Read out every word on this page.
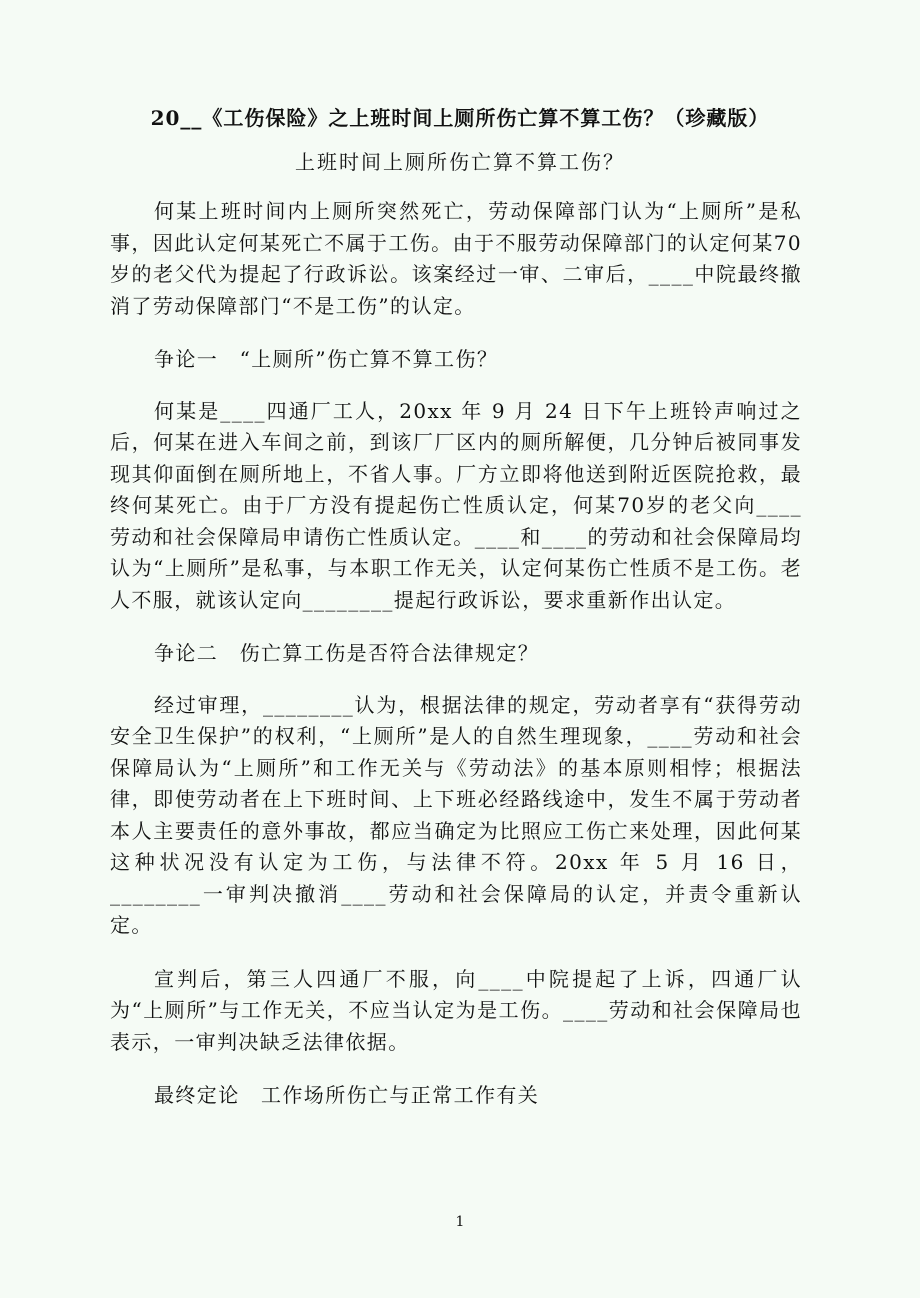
20__《工伤保险》之上班时间上厕所伤亡算不算工伤？（珍藏版）
上班时间上厕所伤亡算不算工伤？

何某上班时间内上厕所突然死亡，劳动保障部门认为“上厕所”是私事，因此认定何某死亡不属于工伤。由于不服劳动保障部门的认定何某70岁的老父代为提起了行政诉讼。该案经过一审、二审后，____中院最终撤消了劳动保障部门“不是工伤”的认定。

争论一　“上厕所”伤亡算不算工伤？

何某是____四通厂工人，20xx 年 9 月 24 日下午上班铃声响过之后，何某在进入车间之前，到该厂厂区内的厕所解便，几分钟后被同事发现其仰面倒在厕所地上，不省人事。厂方立即将他送到附近医院抢救，最终何某死亡。由于厂方没有提起伤亡性质认定，何某70岁的老父向____劳动和社会保障局申请伤亡性质认定。____和____的劳动和社会保障局均认为“上厕所”是私事，与本职工作无关，认定何某伤亡性质不是工伤。老人不服，就该认定向________提起行政诉讼，要求重新作出认定。

争论二　伤亡算工伤是否符合法律规定？

经过审理，________认为，根据法律的规定，劳动者享有“获得劳动安全卫生保护”的权利，“上厕所”是人的自然生理现象，____劳动和社会保障局认为“上厕所”和工作无关与《劳动法》的基本原则相悖；根据法律，即使劳动者在上下班时间、上下班必经路线途中，发生不属于劳动者本人主要责任的意外事故，都应当确定为比照应工伤亡来处理，因此何某这种状况没有认定为工伤，与法律不符。20xx 年 5 月 16 日，________一审判决撤消____劳动和社会保障局的认定，并责令重新认定。

宣判后，第三人四通厂不服，向____中院提起了上诉，四通厂认为“上厕所”与工作无关，不应当认定为是工伤。____劳动和社会保障局也表示，一审判决缺乏法律依据。

最终定论　工作场所伤亡与正常工作有关

1
